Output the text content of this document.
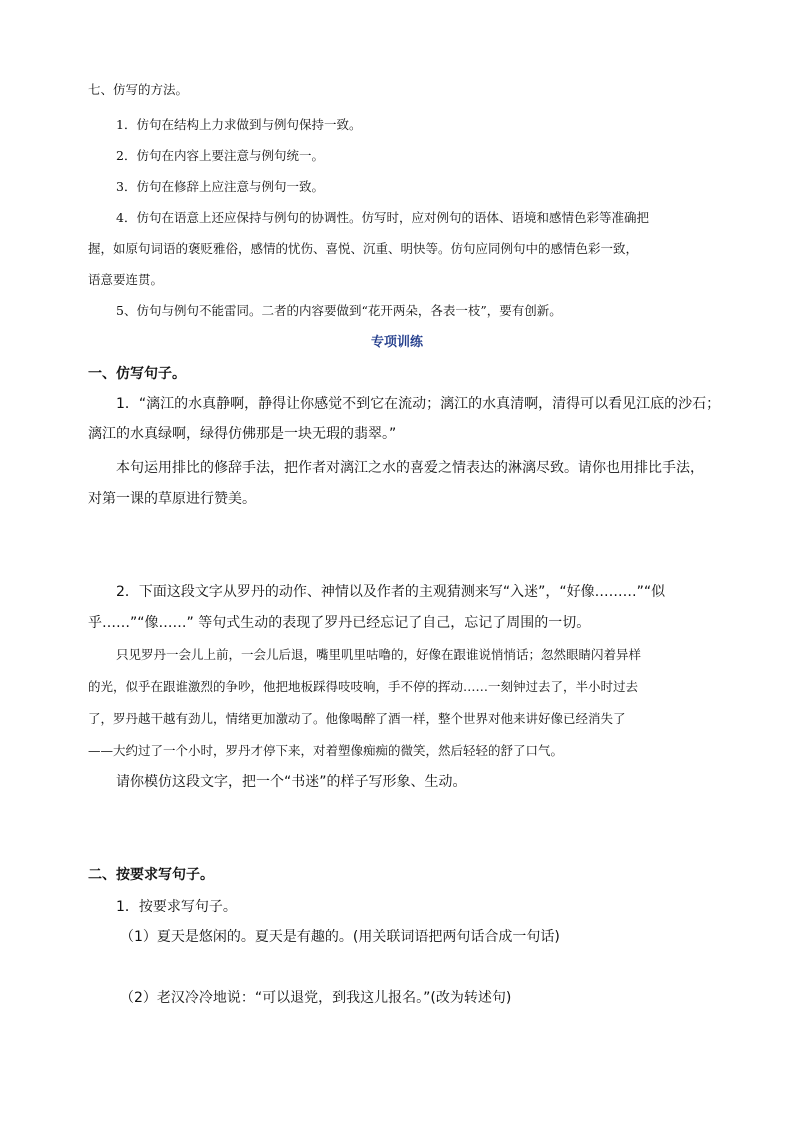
七、仿写的方法。
1．仿句在结构上力求做到与例句保持一致。
2．仿句在内容上要注意与例句统一。
3．仿句在修辞上应注意与例句一致。
4．仿句在语意上还应保持与例句的协调性。仿写时，应对例句的语体、语境和感情色彩等准确把
握，如原句词语的褒贬雅俗，感情的忧伤、喜悦、沉重、明快等。仿句应同例句中的感情色彩一致，
语意要连贯。
5、仿句与例句不能雷同。二者的内容要做到“花开两朵，各表一枝”，要有创新。
专项训练
一、仿写句子。
1．“漓江的水真静啊，静得让你感觉不到它在流动；漓江的水真清啊，清得可以看见江底的沙石；
漓江的水真绿啊，绿得仿佛那是一块无瑕的翡翠。”
本句运用排比的修辞手法，把作者对漓江之水的喜爱之情表达的淋漓尽致。请你也用排比手法，
对第一课的草原进行赞美。
2．下面这段文字从罗丹的动作、神情以及作者的主观猜测来写“入迷”，“好像………”“似
乎……”“像……” 等句式生动的表现了罗丹已经忘记了自己，忘记了周围的一切。
只见罗丹一会儿上前，一会儿后退，嘴里叽里咕噜的，好像在跟谁说悄悄话；忽然眼睛闪着异样
的光，似乎在跟谁激烈的争吵，他把地板踩得吱吱响，手不停的挥动……一刻钟过去了，半小时过去
了，罗丹越干越有劲儿，情绪更加激动了。他像喝醉了酒一样，整个世界对他来讲好像已经消失了
——大约过了一个小时，罗丹才停下来，对着塑像痴痴的微笑，然后轻轻的舒了口气。
请你模仿这段文字，把一个“书迷”的样子写形象、生动。
二、按要求写句子。
1．按要求写句子。
（1）夏天是悠闲的。夏天是有趣的。(用关联词语把两句话合成一句话)
（2）老汉冷冷地说：“可以退党，到我这儿报名。”(改为转述句)
